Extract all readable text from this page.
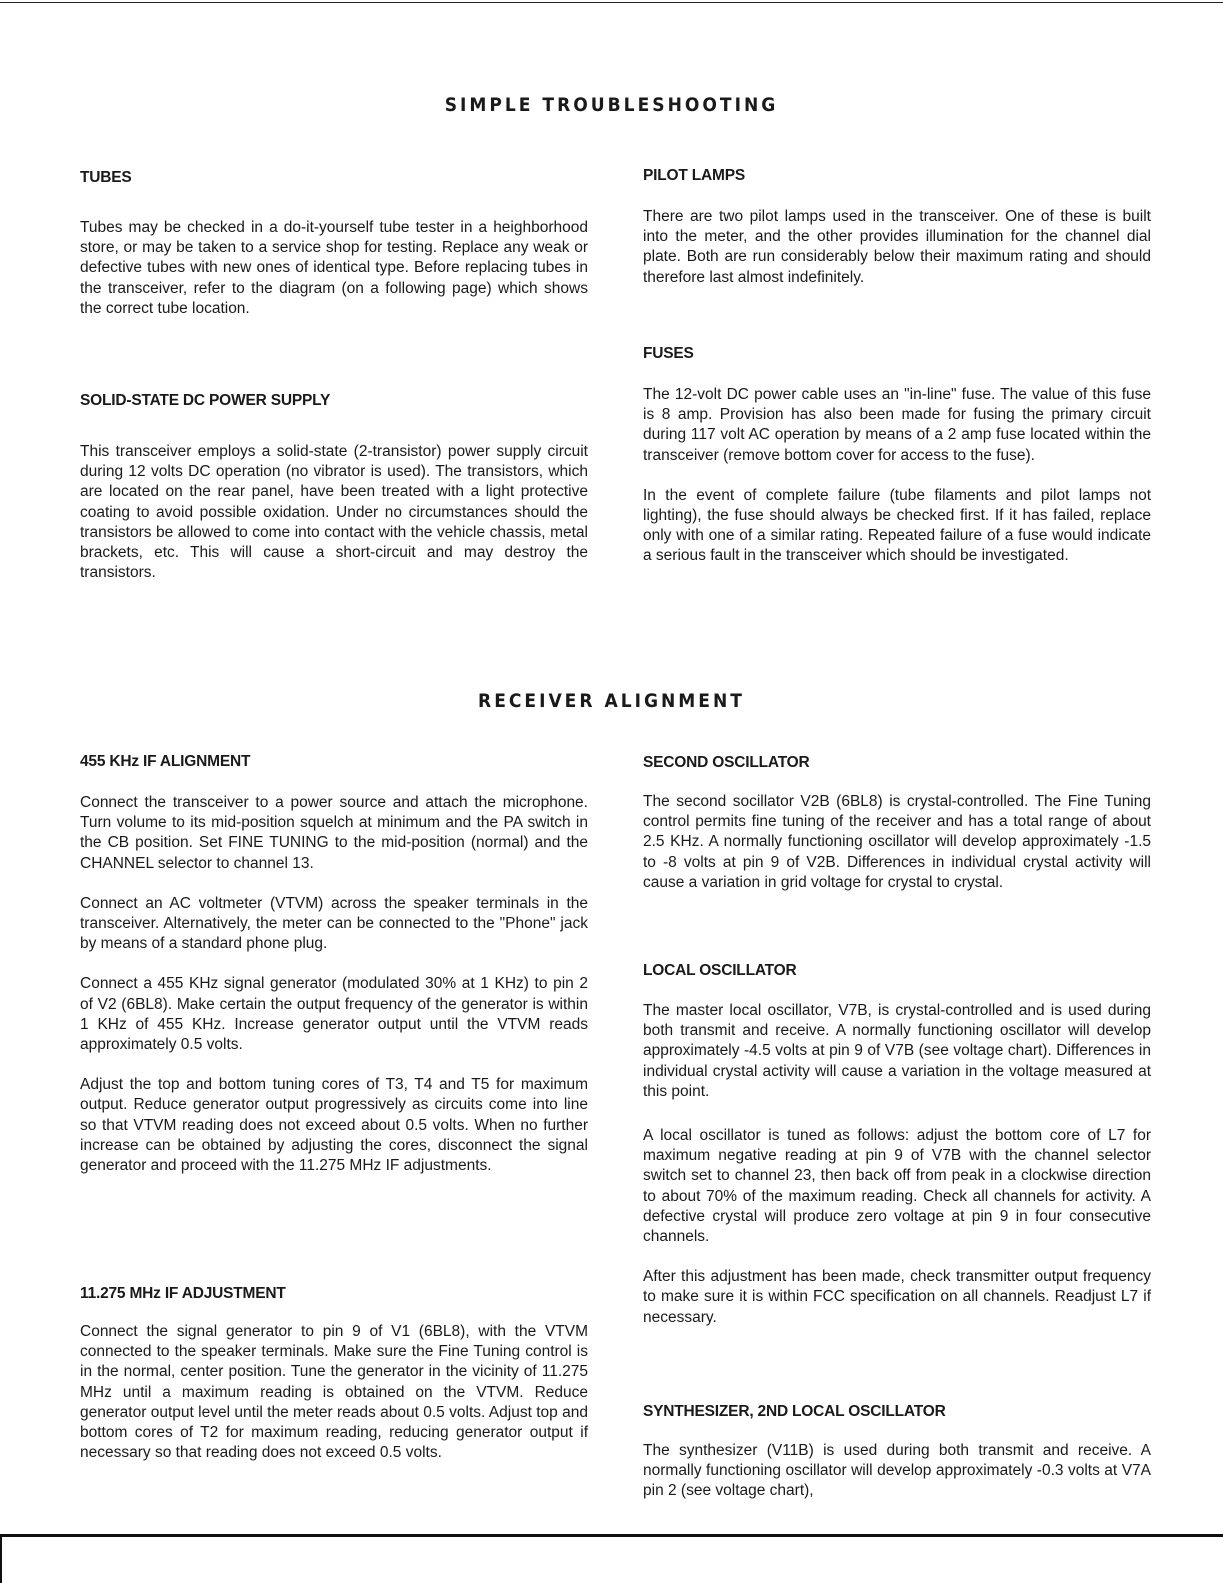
SIMPLE TROUBLESHOOTING

TUBES

Tubes may be checked in a do-it-yourself tube tester in a heighborhood store, or may be taken to a service shop for testing. Replace any weak or defective tubes with new ones of identical type. Before replacing tubes in the transceiver, refer to the diagram (on a following page) which shows the correct tube location.

SOLID-STATE DC POWER SUPPLY

This transceiver employs a solid-state (2-transistor) power supply circuit during 12 volts DC operation (no vibrator is used). The transistors, which are located on the rear panel, have been treated with a light protective coating to avoid possible oxidation. Under no circumstances should the transistors be allowed to come into contact with the vehicle chassis, metal brackets, etc. This will cause a short-circuit and may destroy the transistors.

PILOT LAMPS

There are two pilot lamps used in the transceiver. One of these is built into the meter, and the other provides illumination for the channel dial plate. Both are run considerably below their maximum rating and should therefore last almost indefinitely.

FUSES

The 12-volt DC power cable uses an "in-line" fuse. The value of this fuse is 8 amp. Provision has also been made for fusing the primary circuit during 117 volt AC operation by means of a 2 amp fuse located within the transceiver (remove bottom cover for access to the fuse).

In the event of complete failure (tube filaments and pilot lamps not lighting), the fuse should always be checked first. If it has failed, replace only with one of a similar rating. Repeated failure of a fuse would indicate a serious fault in the transceiver which should be investigated.

RECEIVER ALIGNMENT

455 KHz IF ALIGNMENT

Connect the transceiver to a power source and attach the microphone. Turn volume to its mid-position squelch at minimum and the PA switch in the CB position. Set FINE TUNING to the mid-position (normal) and the CHANNEL selector to channel 13.

Connect an AC voltmeter (VTVM) across the speaker terminals in the transceiver. Alternatively, the meter can be connected to the "Phone" jack by means of a standard phone plug.

Connect a 455 KHz signal generator (modulated 30% at 1 KHz) to pin 2 of V2 (6BL8). Make certain the output frequency of the generator is within 1 KHz of 455 KHz. Increase generator output until the VTVM reads approximately 0.5 volts.

Adjust the top and bottom tuning cores of T3, T4 and T5 for maximum output. Reduce generator output progressively as circuits come into line so that VTVM reading does not exceed about 0.5 volts. When no further increase can be obtained by adjusting the cores, disconnect the signal generator and proceed with the 11.275 MHz IF adjustments.

11.275 MHz IF ADJUSTMENT

Connect the signal generator to pin 9 of V1 (6BL8), with the VTVM connected to the speaker terminals. Make sure the Fine Tuning control is in the normal, center position. Tune the generator in the vicinity of 11.275 MHz until a maximum reading is obtained on the VTVM. Reduce generator output level until the meter reads about 0.5 volts. Adjust top and bottom cores of T2 for maximum reading, reducing generator output if necessary so that reading does not exceed 0.5 volts.

SECOND OSCILLATOR

The second socillator V2B (6BL8) is crystal-controlled. The Fine Tuning control permits fine tuning of the receiver and has a total range of about 2.5 KHz. A normally functioning oscillator will develop approximately -1.5 to -8 volts at pin 9 of V2B. Differences in individual crystal activity will cause a variation in grid voltage for crystal to crystal.

LOCAL OSCILLATOR

The master local oscillator, V7B, is crystal-controlled and is used during both transmit and receive. A normally functioning oscillator will develop approximately -4.5 volts at pin 9 of V7B (see voltage chart). Differences in individual crystal activity will cause a variation in the voltage measured at this point.

A local oscillator is tuned as follows: adjust the bottom core of L7 for maximum negative reading at pin 9 of V7B with the channel selector switch set to channel 23, then back off from peak in a clockwise direction to about 70% of the maximum reading. Check all channels for activity. A defective crystal will produce zero voltage at pin 9 in four consecutive channels.

After this adjustment has been made, check transmitter output frequency to make sure it is within FCC specification on all channels. Readjust L7 if necessary.

SYNTHESIZER, 2ND LOCAL OSCILLATOR

The synthesizer (V11B) is used during both transmit and receive. A normally functioning oscillator will develop approximately -0.3 volts at V7A pin 2 (see voltage chart),
